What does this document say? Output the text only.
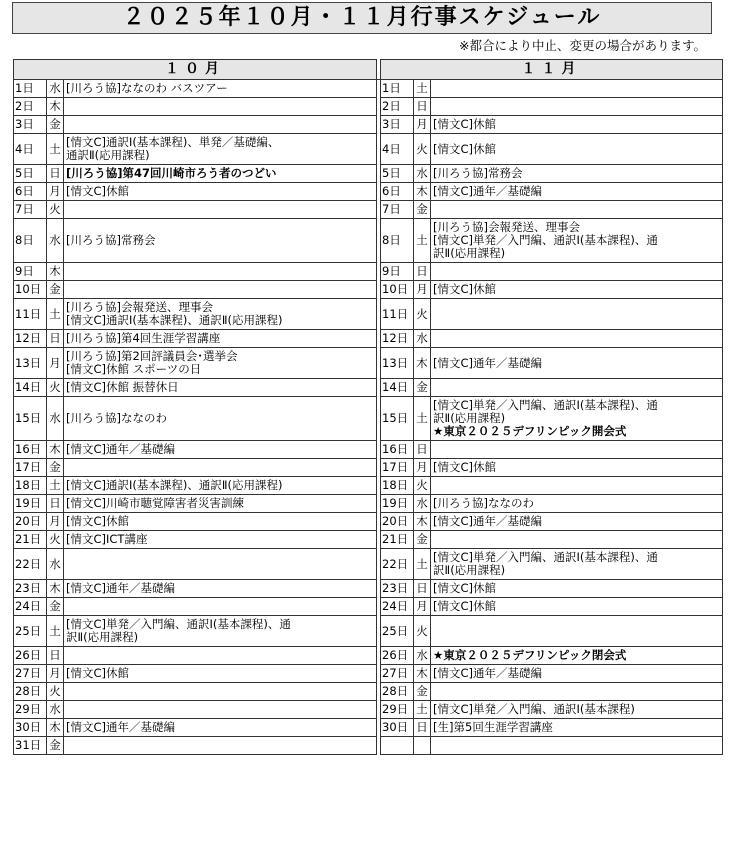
２０２５年１０月・１１月行事スケジュール
※都合により中止、変更の場合があります。
１０月				１１月		
1日	水	[川ろう協]ななのわ バスツアー		1日	土	
2日	木			2日	日	
3日	金			3日	月	[情文C]休館

4日	土	[情文C]通訳Ⅰ(基本課程)、単発／基礎編、
通訳Ⅱ(応用課程)		4日	火	[情文C]休館

5日	日	[川ろう協]第47回川崎市ろう者のつどい		5日	水	[川ろう協]常務会

6日	月	[情文C]休館		6日	木	[情文C]通年／基礎編

7日	火			7日	金	
8日	水	[川ろう協]常務会		8日	土	[川ろう協]会報発送、理事会
[情文C]単発／入門編、通訳Ⅰ(基本課程)、通
訳Ⅱ(応用課程)

9日	木			9日	日	
10日	金			10日	月	[情文C]休館

11日	土	[川ろう協]会報発送、理事会
[情文C]通訳Ⅰ(基本課程)、通訳Ⅱ(応用課程)		11日	火	
12日	日	[川ろう協]第4回生涯学習講座		12日	水	
13日	月	[川ろう協]第2回評議員会･選挙会
[情文C]休館 スポーツの日		13日	木	[情文C]通年／基礎編

14日	火	[情文C]休館 振替休日		14日	金	
15日	水	[川ろう協]ななのわ		15日	土	[情文C]単発／入門編、通訳Ⅰ(基本課程)、通
訳Ⅱ(応用課程)
★東京２０２５デフリンピック開会式

16日	木	[情文C]通年／基礎編		16日	日	
17日	金			17日	月	[情文C]休館

18日	土	[情文C]通訳Ⅰ(基本課程)、通訳Ⅱ(応用課程)		18日	火	
19日	日	[情文C]川崎市聴覚障害者災害訓練		19日	水	[川ろう協]ななのわ

20日	月	[情文C]休館		20日	木	[情文C]通年／基礎編

21日	火	[情文C]ICT講座		21日	金	
22日	水			22日	土	[情文C]単発／入門編、通訳Ⅰ(基本課程)、通
訳Ⅱ(応用課程)

23日	木	[情文C]通年／基礎編		23日	日	[情文C]休館

24日	金			24日	月	[情文C]休館

25日	土	[情文C]単発／入門編、通訳Ⅰ(基本課程)、通
訳Ⅱ(応用課程)		25日	火	
26日	日			26日	水	★東京２０２５デフリンピック閉会式

27日	月	[情文C]休館		27日	木	[情文C]通年／基礎編

28日	火			28日	金	
29日	水			29日	土	[情文C]単発／入門編、通訳Ⅰ(基本課程)

30日	木	[情文C]通年／基礎編		30日	日	[生]第5回生涯学習講座

31日	金					
